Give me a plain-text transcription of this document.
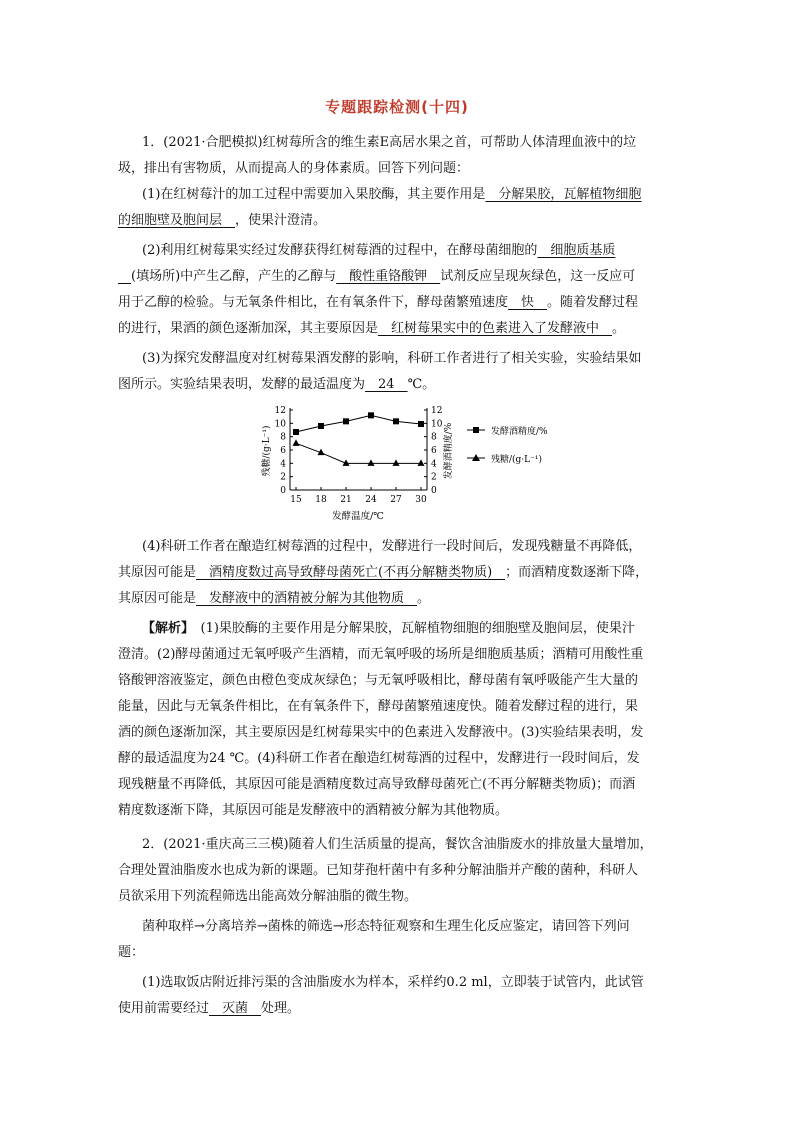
专题跟踪检测(十四)
1．(2021·合肥模拟)红树莓所含的维生素E高居水果之首，可帮助人体清理血液中的垃
圾，排出有害物质，从而提高人的身体素质。回答下列问题：
(1)在红树莓汁的加工过程中需要加入果胶酶，其主要作用是　分解果胶，瓦解植物细胞
的细胞壁及胞间层　，使果汁澄清。
(2)利用红树莓果实经过发酵获得红树莓酒的过程中，在酵母菌细胞的　细胞质基质
　(填场所)中产生乙醇，产生的乙醇与　酸性重铬酸钾　试剂反应呈现灰绿色，这一反应可
用于乙醇的检验。与无氧条件相比，在有氧条件下，酵母菌繁殖速度　快　。随着发酵过程
的进行，果酒的颜色逐渐加深，其主要原因是　红树莓果实中的色素进入了发酵液中　。
(3)为探究发酵温度对红树莓果酒发酵的影响，科研工作者进行了相关实验，实验结果如
图所示。实验结果表明，发酵的最适温度为　24　℃。
0
2
4
6
8
10
12
0
2
4
6
8
10
12
15 18 21 24 27 30
残糖/(g·L⁻¹)	发酵酒精度/%
发酵温度/℃
发酵酒精度/%
残糖/(g·L⁻¹)
(4)科研工作者在酿造红树莓酒的过程中，发酵进行一段时间后，发现残糖量不再降低，
其原因可能是　酒精度数过高导致酵母菌死亡(不再分解糖类物质)　；而酒精度数逐渐下降，
其原因可能是　发酵液中的酒精被分解为其他物质　。
【解析】　(1)果胶酶的主要作用是分解果胶，瓦解植物细胞的细胞壁及胞间层，使果汁
澄清。(2)酵母菌通过无氧呼吸产生酒精，而无氧呼吸的场所是细胞质基质；酒精可用酸性重
铬酸钾溶液鉴定，颜色由橙色变成灰绿色；与无氧呼吸相比，酵母菌有氧呼吸能产生大量的
能量，因此与无氧条件相比，在有氧条件下，酵母菌繁殖速度快。随着发酵过程的进行，果
酒的颜色逐渐加深，其主要原因是红树莓果实中的色素进入发酵液中。(3)实验结果表明，发
酵的最适温度为24 ℃。(4)科研工作者在酿造红树莓酒的过程中，发酵进行一段时间后，发
现残糖量不再降低，其原因可能是酒精度数过高导致酵母菌死亡(不再分解糖类物质)；而酒
精度数逐渐下降，其原因可能是发酵液中的酒精被分解为其他物质。
2．(2021·重庆高三三模)随着人们生活质量的提高，餐饮含油脂废水的排放量大量增加，
合理处置油脂废水也成为新的课题。已知芽孢杆菌中有多种分解油脂并产酸的菌种，科研人
员欲采用下列流程筛选出能高效分解油脂的微生物。
菌种取样→分离培养→菌株的筛选→形态特征观察和生理生化反应鉴定，请回答下列问
题：
(1)选取饭店附近排污渠的含油脂废水为样本，采样约0.2 ml，立即装于试管内，此试管
使用前需要经过　灭菌　处理。
